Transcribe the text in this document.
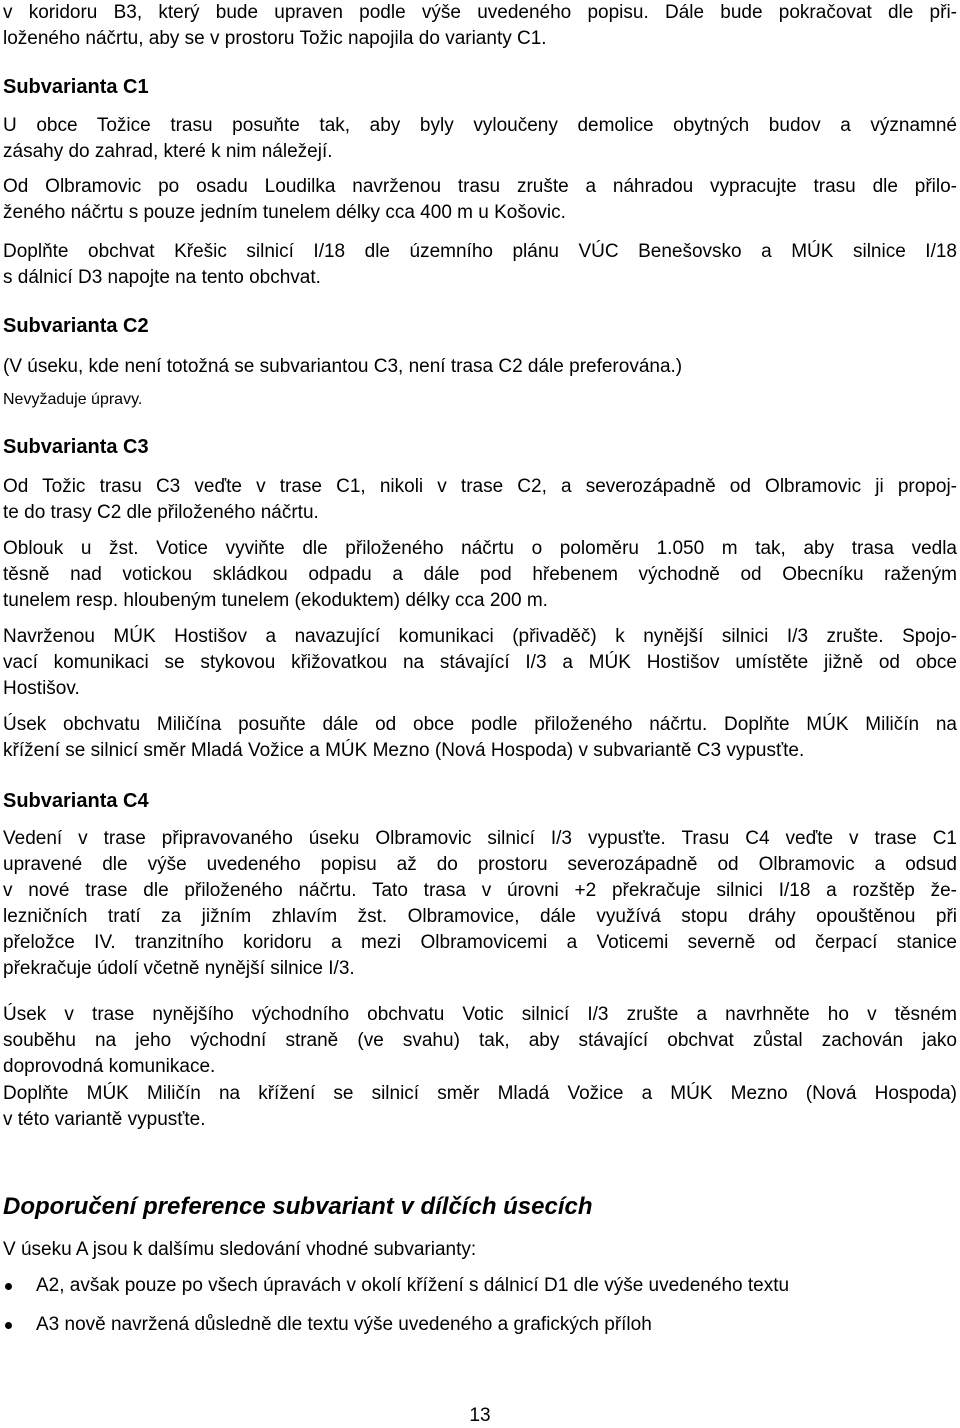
v koridoru B3, který bude upraven podle výše uvedeného popisu. Dále bude pokračovat dle při-
loženého náčrtu, aby se v prostoru Tožic napojila do varianty C1.
Subvarianta C1
U obce Tožice trasu posuňte tak, aby byly vyloučeny demolice obytných budov a významné
zásahy do zahrad, které k nim náležejí.
Od Olbramovic po osadu Loudilka navrženou trasu zrušte a náhradou vypracujte trasu dle přilo-
ženého náčrtu s pouze jedním tunelem délky cca 400 m u Košovic.
Doplňte obchvat Křešic silnicí I/18 dle územního plánu VÚC Benešovsko a MÚK silnice I/18
s dálnicí D3 napojte na tento obchvat.
Subvarianta C2
(V úseku, kde není totožná se subvariantou C3, není trasa C2 dále preferována.)
Nevyžaduje úpravy.
Subvarianta C3
Od Tožic trasu C3 veďte v trase C1, nikoli v trase C2, a severozápadně od Olbramovic ji propoj-
te do trasy C2 dle přiloženého náčrtu.
Oblouk u žst. Votice vyviňte dle přiloženého náčrtu o poloměru 1.050 m tak, aby trasa vedla
těsně nad votickou skládkou odpadu a dále pod hřebenem východně od Obecníku raženým
tunelem resp. hloubeným tunelem (ekoduktem) délky cca 200 m.
Navrženou MÚK Hostišov a navazující komunikaci (přivaděč) k nynější silnici I/3 zrušte. Spojo-
vací komunikaci se stykovou křižovatkou na stávající I/3 a MÚK Hostišov umístěte jižně od obce
Hostišov.
Úsek obchvatu Miličína posuňte dále od obce podle přiloženého náčrtu. Doplňte MÚK Miličín na
křížení se silnicí směr Mladá Vožice a MÚK Mezno (Nová Hospoda) v subvariantě C3 vypusťte.
Subvarianta C4
Vedení v trase připravovaného úseku Olbramovic silnicí I/3 vypusťte. Trasu C4 veďte v trase C1
upravené dle výše uvedeného popisu až do prostoru severozápadně od Olbramovic a odsud
v nové trase dle přiloženého náčrtu. Tato trasa v úrovni +2 překračuje silnici I/18 a rozštěp že-
lezničních tratí za jižním zhlavím žst. Olbramovice, dále využívá stopu dráhy opouštěnou při
přeložce IV. tranzitního koridoru a mezi Olbramovicemi a Voticemi severně od čerpací stanice
překračuje údolí včetně nynější silnice I/3.
Úsek v trase nynějšího východního obchvatu Votic silnicí I/3 zrušte a navrhněte ho v těsném
souběhu na jeho východní straně (ve svahu) tak, aby stávající obchvat zůstal zachován jako
doprovodná komunikace.
Doplňte MÚK Miličín na křížení se silnicí směr Mladá Vožice a MÚK Mezno (Nová Hospoda)
v této variantě vypusťte.
Doporučení preference subvariant v dílčích úsecích
V úseku A jsou k dalšímu sledování vhodné subvarianty:
A2, avšak pouze po všech úpravách v okolí křížení s dálnicí D1 dle výše uvedeného textu
A3 nově navržená důsledně dle textu výše uvedeného a grafických příloh
13
